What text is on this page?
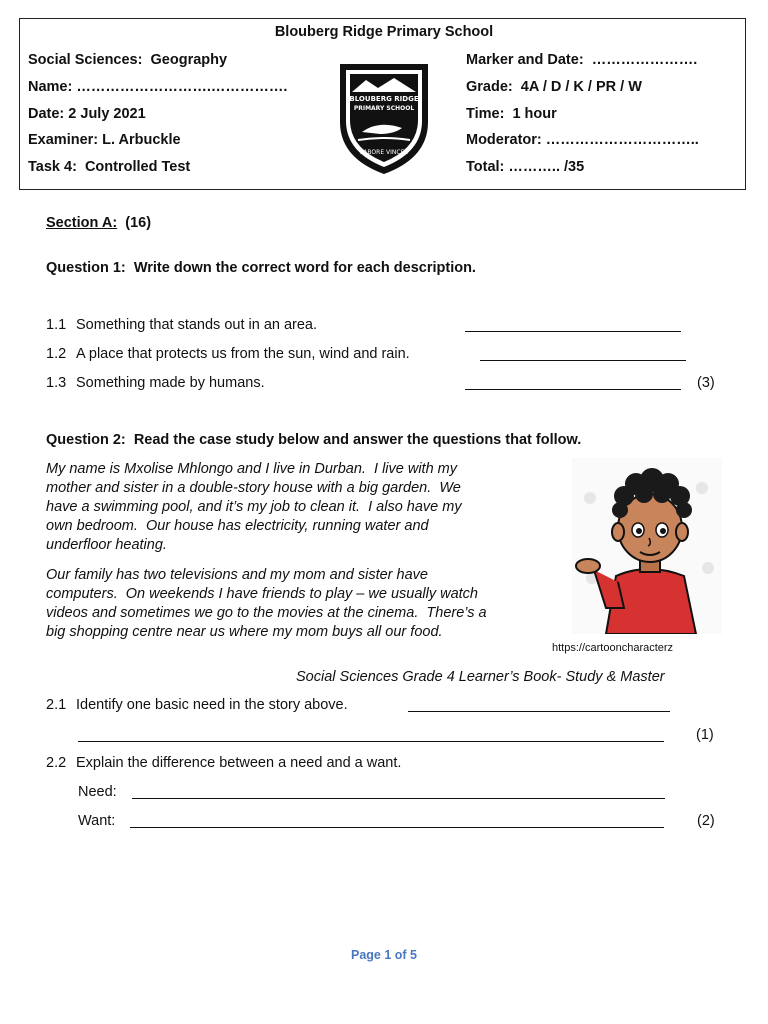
Blouberg Ridge Primary School
Social Sciences:  Geography
Name: ……………………….…………….
Date: 2 July 2021
Examiner: L. Arbuckle
Task 4:  Controlled Test
Marker and Date:  ………………….
Grade:  4A / D / K / PR / W
Time:  1 hour
Moderator: …………………………..
Total: ……….. /35
BLOUBERG RIDGE
PRIMARY SCHOOL
LABORE VINCES
Section A: (16)
Question 1:  Write down the correct word for each description.
1.1 Something that stands out in an area.
1.2 A place that protects us from the sun, wind and rain.
1.3 Something made by humans.	(3)
Question 2:  Read the case study below and answer the questions that follow.
My name is Mxolise Mhlongo and I live in Durban.  I live with my
mother and sister in a double-story house with a big garden.  We
have a swimming pool, and it’s my job to clean it.  I also have my
own bedroom.  Our house has electricity, running water and
underfloor heating.
Our family has two televisions and my mom and sister have
computers.  On weekends I have friends to play – we usually watch
videos and sometimes we go to the movies at the cinema.  There’s a
big shopping centre near us where my mom buys all our food.
https://cartooncharacterz
Social Sciences Grade 4 Learner’s Book- Study & Master
2.1 Identify one basic need in the story above.
(1)
2.2 Explain the difference between a need and a want.
Need:
Want:	(2)
Page 1 of 5
